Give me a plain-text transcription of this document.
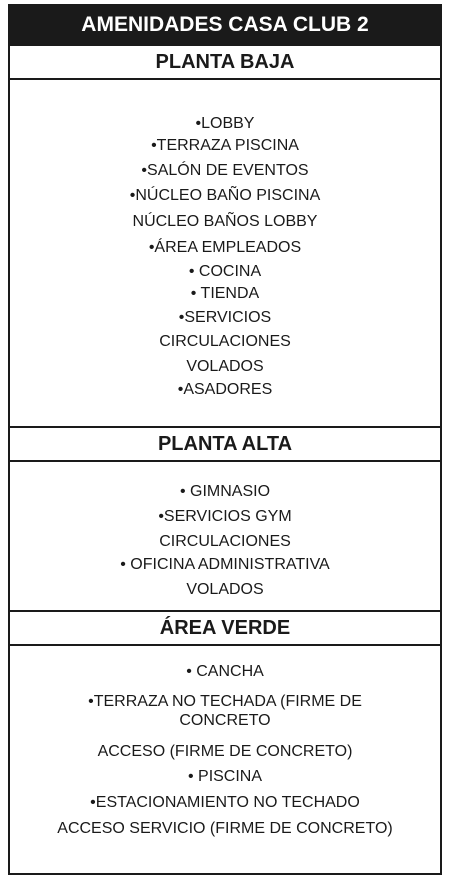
AMENIDADES CASA CLUB 2
PLANTA BAJA
•LOBBY
•TERRAZA PISCINA
•SALÓN DE EVENTOS
•NÚCLEO BAÑO PISCINA
NÚCLEO BAÑOS LOBBY
•ÁREA EMPLEADOS
• COCINA
• TIENDA
•SERVICIOS
CIRCULACIONES
VOLADOS
•ASADORES
PLANTA ALTA
• GIMNASIO
•SERVICIOS GYM
CIRCULACIONES
• OFICINA ADMINISTRATIVA
VOLADOS
ÁREA VERDE
• CANCHA
•TERRAZA NO TECHADA (FIRME DE CONCRETO
ACCESO (FIRME DE CONCRETO)
• PISCINA
•ESTACIONAMIENTO NO TECHADO
ACCESO SERVICIO (FIRME DE CONCRETO)
